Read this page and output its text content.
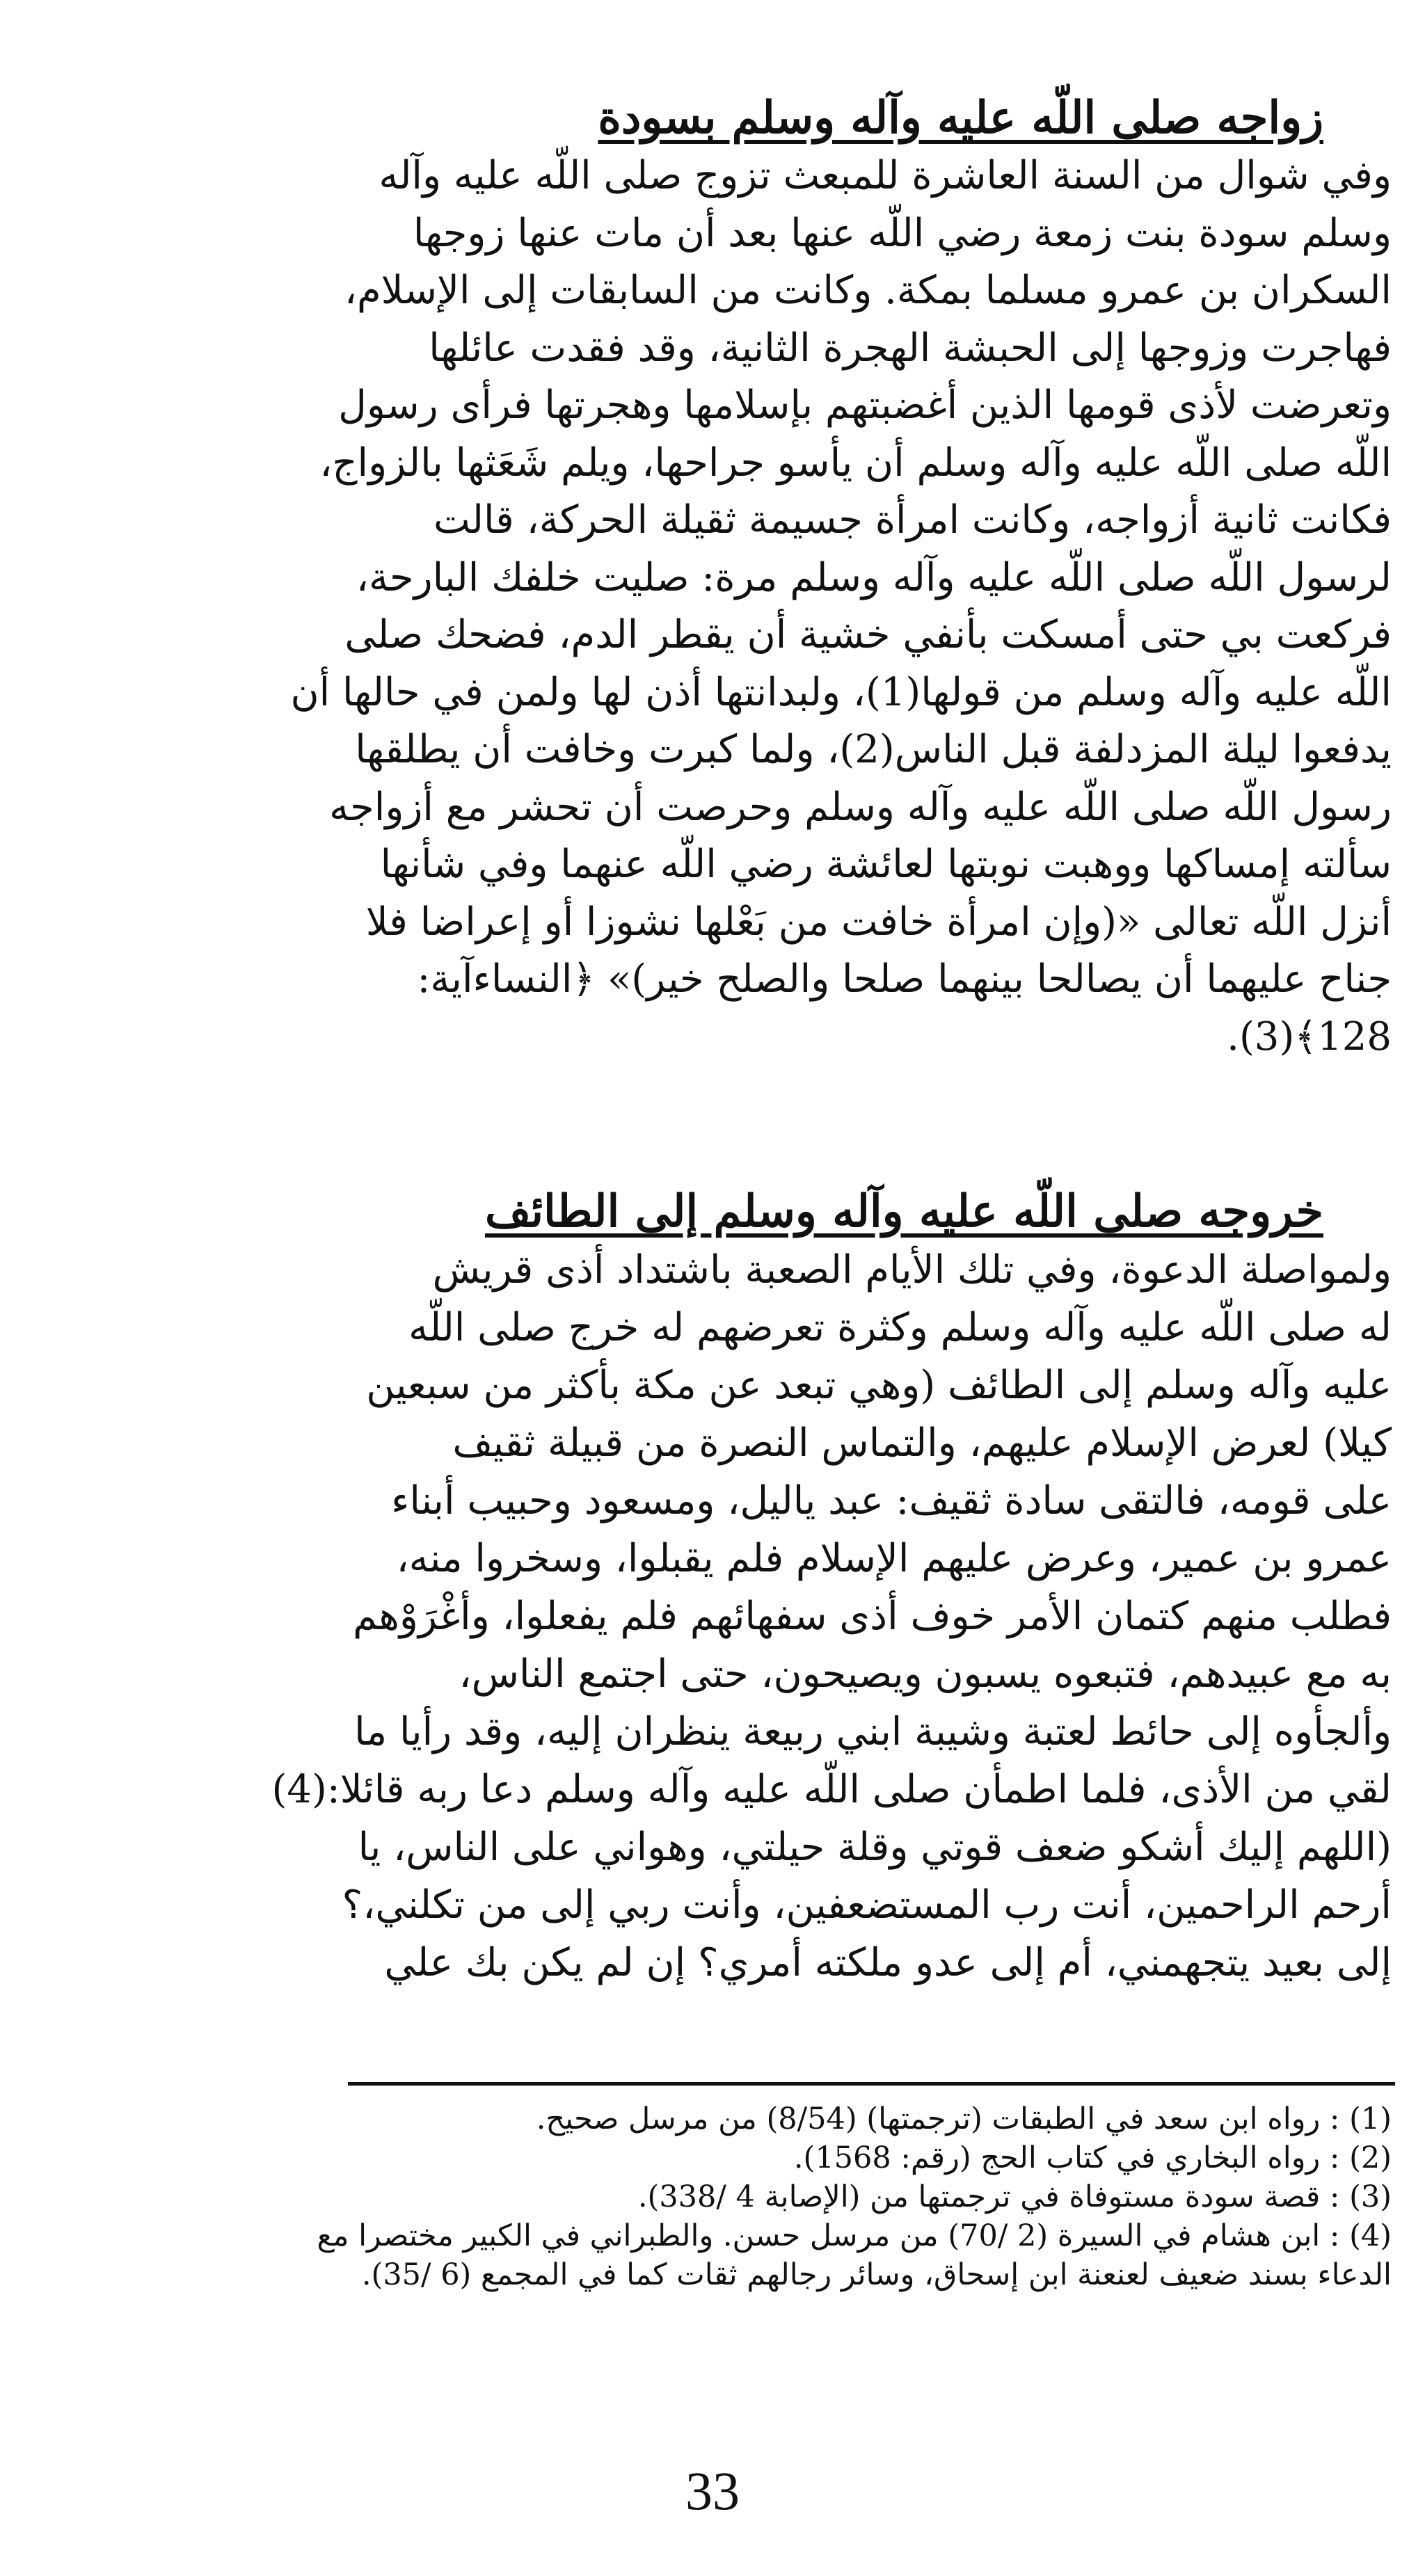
زواجه صلى اللّه عليه وآله وسلم بسودة
وفي شوال من السنة العاشرة للمبعث تزوج صلى اللّه عليه وآله
وسلم سودة بنت زمعة رضي اللّه عنها بعد أن مات عنها زوجها
السكران بن عمرو مسلما بمكة. وكانت من السابقات إلى الإسلام،
فهاجرت وزوجها إلى الحبشة الهجرة الثانية، وقد فقدت عائلها
وتعرضت لأذى قومها الذين أغضبتهم بإسلامها وهجرتها فرأى رسول
اللّه صلى اللّه عليه وآله وسلم أن يأسو جراحها، ويلم شَعَثها بالزواج،
فكانت ثانية أزواجه، وكانت امرأة جسيمة ثقيلة الحركة، قالت
لرسول اللّه صلى اللّه عليه وآله وسلم مرة: صليت خلفك البارحة،
فركعت بي حتى أمسكت بأنفي خشية أن يقطر الدم، فضحك صلى
اللّه عليه وآله وسلم من قولها(1)، ولبدانتها أذن لها ولمن في حالها أن
يدفعوا ليلة المزدلفة قبل الناس(2)، ولما كبرت وخافت أن يطلقها
رسول اللّه صلى اللّه عليه وآله وسلم وحرصت أن تحشر مع أزواجه
سألته إمساكها ووهبت نوبتها لعائشة رضي اللّه عنهما وفي شأنها
أنزل اللّه تعالى «(وإن امرأة خافت من بَعْلها نشوزا أو إعراضا فلا
جناح عليهما أن يصالحا بينهما صلحا والصلح خير)» ﴿النساءآية:
128﴾(3).
خروجه صلى اللّه عليه وآله وسلم إلى الطائف
ولمواصلة الدعوة، وفي تلك الأيام الصعبة باشتداد أذى قريش
له صلى اللّه عليه وآله وسلم وكثرة تعرضهم له خرج صلى اللّه
عليه وآله وسلم إلى الطائف (وهي تبعد عن مكة بأكثر من سبعين
كيلا) لعرض الإسلام عليهم، والتماس النصرة من قبيلة ثقيف
على قومه، فالتقى سادة ثقيف: عبد ياليل، ومسعود وحبيب أبناء
عمرو بن عمير، وعرض عليهم الإسلام فلم يقبلوا، وسخروا منه،
فطلب منهم كتمان الأمر خوف أذى سفهائهم فلم يفعلوا، وأغْرَوْهم
به مع عبيدهم، فتبعوه يسبون ويصيحون، حتى اجتمع الناس،
وألجأوه إلى حائط لعتبة وشيبة ابني ربيعة ينظران إليه، وقد رأيا ما
لقي من الأذى، فلما اطمأن صلى اللّه عليه وآله وسلم دعا ربه قائلا:(4)
(اللهم إليك أشكو ضعف قوتي وقلة حيلتي، وهواني على الناس، يا
أرحم الراحمين، أنت رب المستضعفين، وأنت ربي إلى من تكلني،؟
إلى بعيد يتجهمني، أم إلى عدو ملكته أمري؟ إن لم يكن بك علي
(1) : رواه ابن سعد في الطبقات (ترجمتها) (8/54) من مرسل صحيح.
(2) : رواه البخاري في كتاب الحج (رقم: 1568).
(3) : قصة سودة مستوفاة في ترجمتها من (الإصابة 4 /338).
(4) : ابن هشام في السيرة (2 /70) من مرسل حسن. والطبراني في الكبير مختصرا مع
الدعاء بسند ضعيف لعنعنة ابن إسحاق، وسائر رجالهم ثقات كما في المجمع (6 /35).
33
